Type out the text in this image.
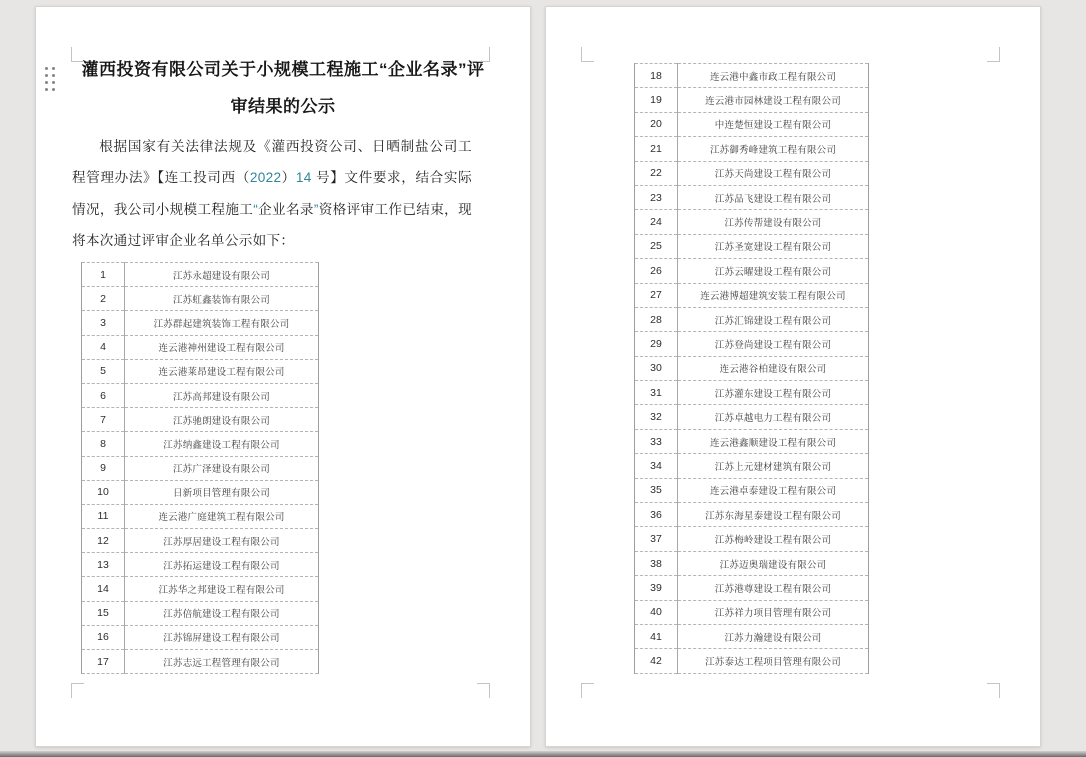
灌西投资有限公司关于小规模工程施工“企业名录”评
审结果的公示

根据国家有关法律法规及《灌西投资公司、日晒制盐公司工程管理办法》【连工投司西（2022）14 号】文件要求，结合实际情况，我公司小规模工程施工“企业名录”资格评审工作已结束，现将本次通过评审企业名单公示如下：

1	江苏永超建设有限公司
2	江苏虹鑫装饰有限公司
3	江苏群起建筑装饰工程有限公司
4	连云港神州建设工程有限公司
5	连云港莱昂建设工程有限公司
6	江苏高邦建设有限公司
7	江苏驰朗建设有限公司
8	江苏纳鑫建设工程有限公司
9	江苏广泽建设有限公司
10	日新项目管理有限公司
11	连云港广庭建筑工程有限公司
12	江苏厚居建设工程有限公司
13	江苏拓运建设工程有限公司
14	江苏华之邦建设工程有限公司
15	江苏倍航建设工程有限公司
16	江苏锦屏建设工程有限公司
17	江苏志远工程管理有限公司
18	连云港中鑫市政工程有限公司
19	连云港市园林建设工程有限公司
20	中连楚恒建设工程有限公司
21	江苏御秀峰建筑工程有限公司
22	江苏天尚建设工程有限公司
23	江苏品飞建设工程有限公司
24	江苏传帮建设有限公司
25	江苏圣宽建设工程有限公司
26	江苏云曜建设工程有限公司
27	连云港博超建筑安装工程有限公司
28	江苏汇锦建设工程有限公司
29	江苏登尚建设工程有限公司
30	连云港谷柏建设有限公司
31	江苏灌东建设工程有限公司
32	江苏卓越电力工程有限公司
33	连云港鑫顺建设工程有限公司
34	江苏上元建材建筑有限公司
35	连云港卓泰建设工程有限公司
36	江苏东海星泰建设工程有限公司
37	江苏梅岭建设工程有限公司
38	江苏迈奥瑞建设有限公司
39	江苏港尊建设工程有限公司
40	江苏祥力项目管理有限公司
41	江苏力瀚建设有限公司
42	江苏泰达工程项目管理有限公司
